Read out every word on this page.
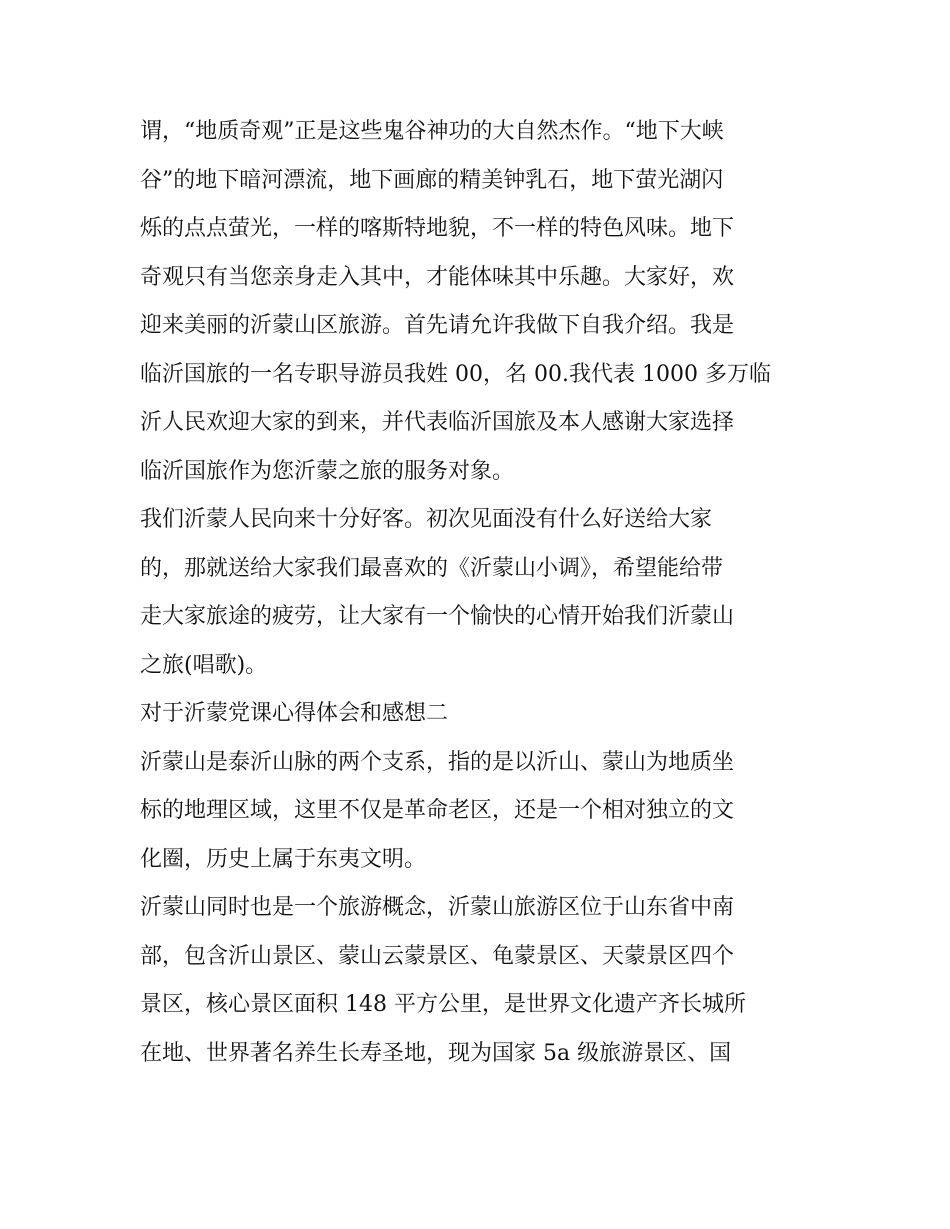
谓，“地质奇观”正是这些鬼谷神功的大自然杰作。“地下大峡
谷”的地下暗河漂流，地下画廊的精美钟乳石，地下萤光湖闪
烁的点点萤光，一样的喀斯特地貌，不一样的特色风味。地下
奇观只有当您亲身走入其中，才能体味其中乐趣。大家好，欢
迎来美丽的沂蒙山区旅游。首先请允许我做下自我介绍。我是
临沂国旅的一名专职导游员我姓 00，名 00.我代表 1000 多万临
沂人民欢迎大家的到来，并代表临沂国旅及本人感谢大家选择
临沂国旅作为您沂蒙之旅的服务对象。
我们沂蒙人民向来十分好客。初次见面没有什么好送给大家
的，那就送给大家我们最喜欢的《沂蒙山小调》，希望能给带
走大家旅途的疲劳，让大家有一个愉快的心情开始我们沂蒙山
之旅(唱歌)。
对于沂蒙党课心得体会和感想二
沂蒙山是泰沂山脉的两个支系，指的是以沂山、蒙山为地质坐
标的地理区域，这里不仅是革命老区，还是一个相对独立的文
化圈，历史上属于东夷文明。
沂蒙山同时也是一个旅游概念，沂蒙山旅游区位于山东省中南
部，包含沂山景区、蒙山云蒙景区、龟蒙景区、天蒙景区四个
景区，核心景区面积 148 平方公里，是世界文化遗产齐长城所
在地、世界著名养生长寿圣地，现为国家 5a 级旅游景区、国
